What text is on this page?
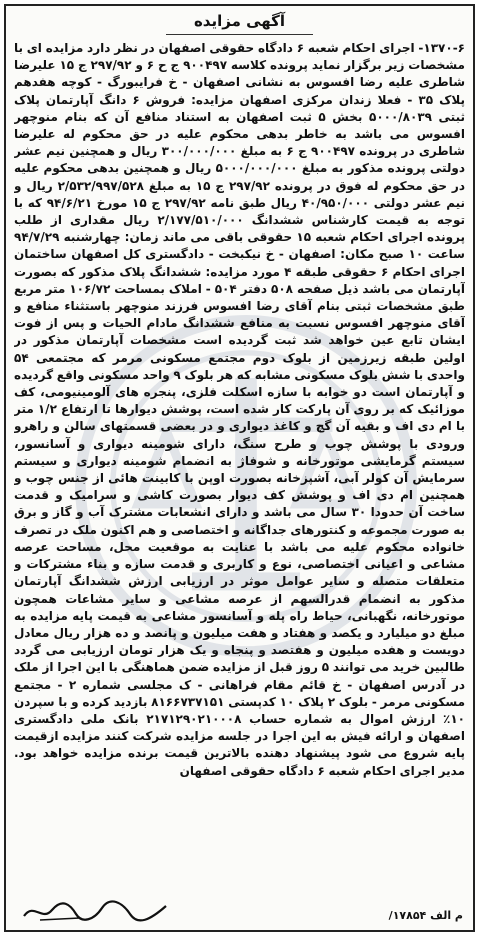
آگهی مزایده
۱۳۷۰-۶- اجرای احکام شعبه ۶ دادگاه حقوقی اصفهان در نظر دارد مزایده ای با مشخصات زیر برگزار نماید پرونده کلاسه ۹۰۰۴۹۷ ج ح ۶ و ۲۹۷/۹۲ ج ۱۵ علیرضا شاطری علیه رضا افسوس به نشانی اصفهان - خ فرایبورگ - کوچه هفدهم پلاک ۳۵ - فعلا زندان مرکزی اصفهان مزایده: فروش ۶ دانگ آپارتمان پلاک ثبتی ۵۰۰۰/۸۰۳۹ بخش ۵ ثبت اصفهان به استناد منافع آن که بنام منوچهر افسوس می باشد به خاطر بدهی محکوم علیه در حق محکوم له علیرضا شاطری در پرونده ۹۰۰۴۹۷ ج ۶ به مبلغ ۳۰۰/۰۰۰/۰۰۰ ریال و همچنین نیم عشر دولتی پرونده مذکور به مبلغ ۵۰۰۰/۰۰۰/۰۰۰ ریال و همچنین بدهی محکوم علیه در حق محکوم له فوق در پرونده ۲۹۷/۹۲ ج ۱۵ به مبلغ ۲/۵۳۲/۹۹۷/۵۲۸ ریال و نیم عشر دولتی ۴۰/۹۵۰/۰۰۰ ریال طبق نامه ۲۹۷/۹۲ ج ۱۵ مورخ ۹۴/۶/۲۱ که با توجه به قیمت کارشناس ششدانگ ۲/۱۷۷/۵۱۰/۰۰۰ ریال مقداری از طلب پرونده اجرای احکام شعبه ۱۵ حقوقی باقی می ماند زمان: چهارشنبه ۹۴/۷/۲۹ ساعت ۱۰ صبح مکان: اصفهان - خ نیکبخت - دادگستری کل اصفهان ساختمان اجرای احکام ۶ حقوقی طبقه ۴ مورد مزایده: ششدانگ پلاک مذکور که بصورت آپارتمان می باشد ذیل صفحه ۵۰۸ دفتر ۵۰۴ - املاک بمساحت ۱۰۶/۷۲ متر مربع طبق مشخصات ثبتی بنام آقای رضا افسوس فرزند منوچهر باستثناء منافع و آقای منوچهر افسوس نسبت به منافع ششدانگ مادام الحیات و پس از فوت ایشان تابع عین خواهد شد ثبت گردیده است مشخصات آپارتمان مذکور در اولین طبقه زیرزمین از بلوک دوم مجتمع مسکونی مرمر که مجتمعی ۵۴ واحدی با شش بلوک مسکونی مشابه که هر بلوک ۹ واحد مسکونی واقع گردیده و آپارتمان است دو خوابه با سازه اسکلت فلزی، پنجره های آلومینیومی، کف موزائیک که بر روی آن پارکت کار شده است، پوشش دیوارها تا ارتفاع ۱/۲ متر با ام دی اف و بقیه آن گچ و کاغذ دیواری و در بعضی قسمتهای سالن و راهرو ورودی با پوشش چوب و طرح سنگ، دارای شومینه دیواری و آسانسور، سیستم گرمایشی موتورخانه و شوفاژ به انضمام شومینه دیواری و سیستم سرمایش آن کولر آبی، آشپزخانه بصورت اوپن با کابینت هائی از جنس چوب و همچنین ام دی اف و پوشش کف دیوار بصورت کاشی و سرامیک و قدمت ساخت آن حدودا ۳۰ سال می باشد و دارای انشعابات مشترک آب و گاز و برق به صورت مجموعه و کنتورهای جداگانه و اختصاصی و هم اکنون ملک در تصرف خانواده محکوم علیه می باشد با عنایت به موقعیت محل، مساحت عرصه مشاعی و اعیانی اختصاصی، نوع و کاربری و قدمت سازه و بناء مشترکات و متعلقات متصله و سایر عوامل موثر در ارزیابی ارزش ششدانگ آپارتمان مذکور به انضمام قدرالسهم از عرصه مشاعی و سایر مشاعات همچون موتورخانه، نگهبانی، حیاط راه پله و آسانسور مشاعی به قیمت پایه مزایده به مبلغ دو میلیارد و یکصد و هفتاد و هفت میلیون و پانصد و ده هزار ریال معادل دویست و هفده میلیون و هفتصد و پنجاه و یک هزار تومان ارزیابی می گردد طالبین خرید می توانند ۵ روز قبل از مزایده ضمن هماهنگی با این اجرا از ملک در آدرس اصفهان - خ قائم مقام فراهانی - ک مجلسی شماره ۲ - مجتمع مسکونی مرمر - بلوک ۲ پلاک ۱۰ کدپستی ۸۱۶۶۷۳۷۱۵۱ بازدید کرده و با سپردن ۱۰٪ ارزش اموال به شماره حساب ۲۱۷۱۲۹۰۲۱۰۰۰۸ بانک ملی دادگستری اصفهان و ارائه فیش به این اجرا در جلسه مزایده شرکت کنند مزایده ازقیمت پایه شروع می شود پیشنهاد دهنده بالاترین قیمت برنده مزایده خواهد بود. مدیر اجرای احکام شعبه ۶ دادگاه حقوقی اصفهان
م الف ۱۷۸۵۴/
